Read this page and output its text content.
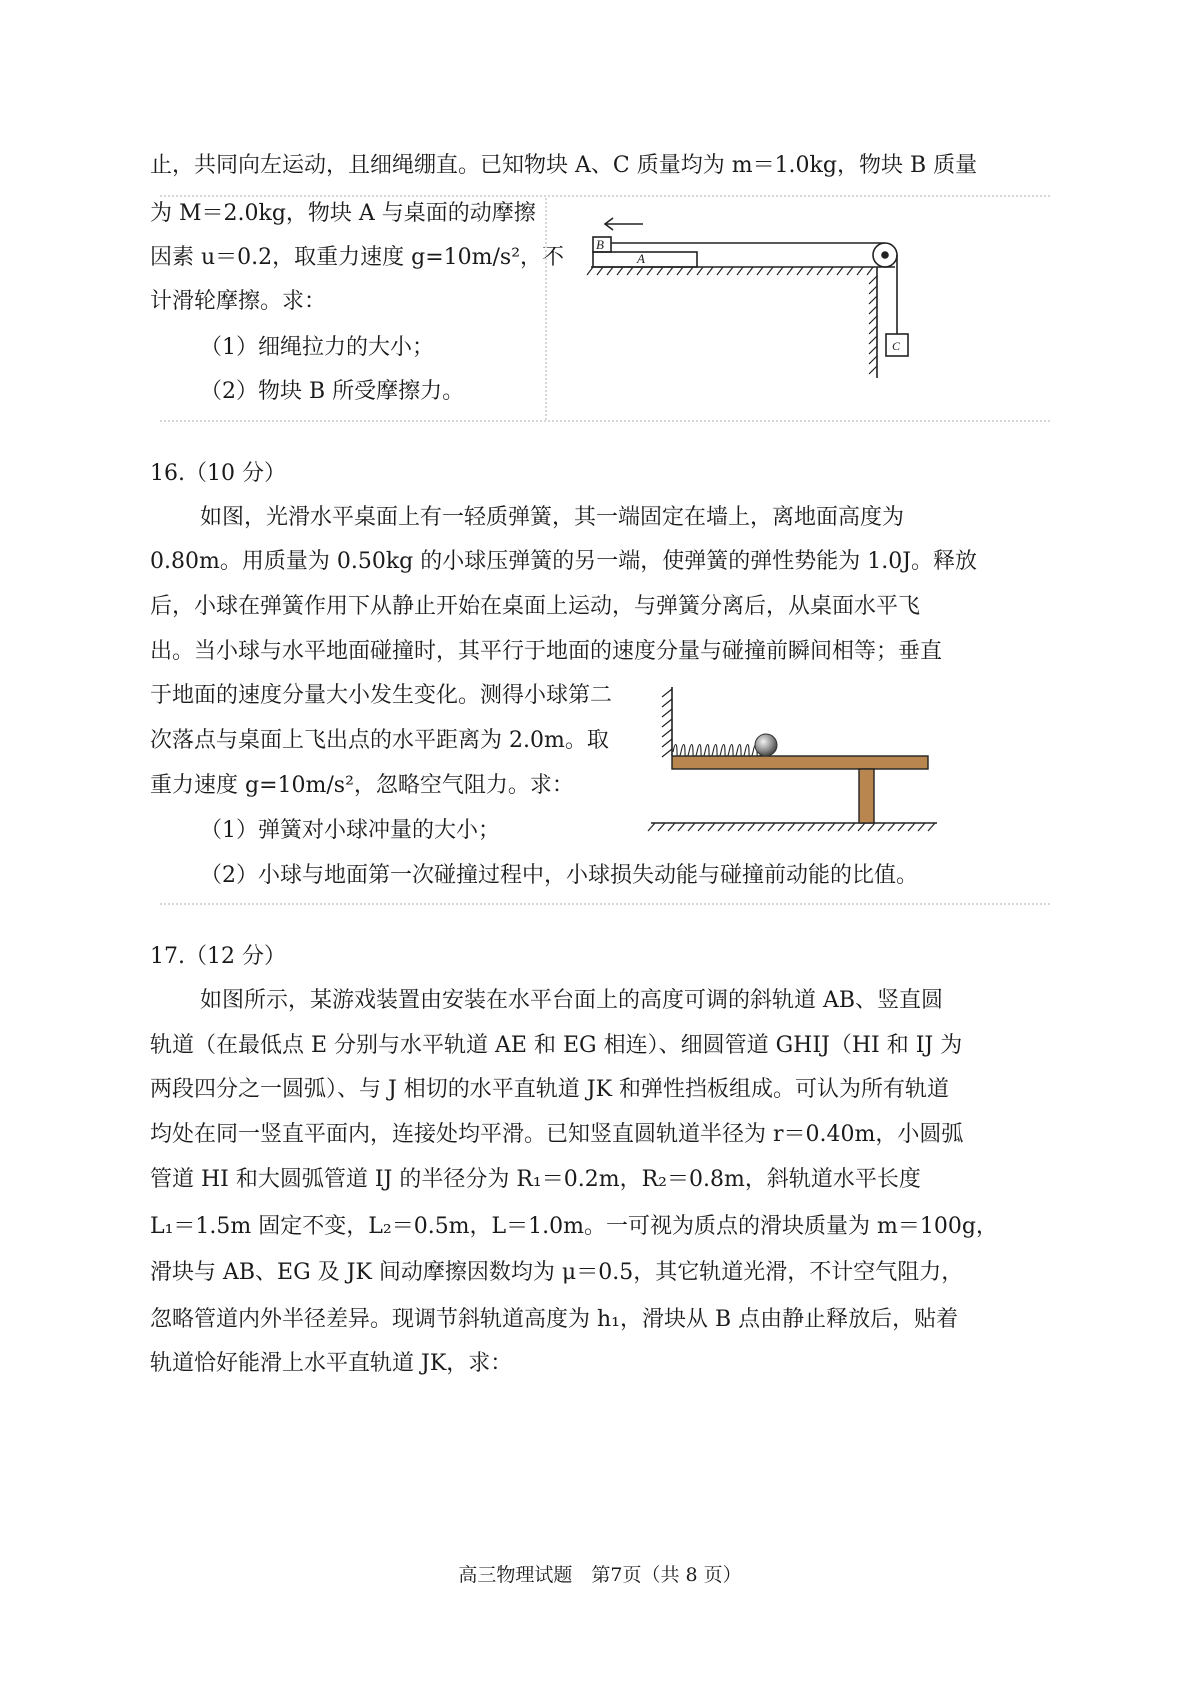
止，共同向左运动，且细绳绷直。已知物块 A、C 质量均为 m＝1.0kg，物块 B 质量
为 M＝2.0kg，物块 A 与桌面的动摩擦
因素 u＝0.2，取重力速度 g=10m/s²，不
计滑轮摩擦。求：
（1）细绳拉力的大小；
（2）物块 B 所受摩擦力。
B
A
C
16.（10 分）
如图，光滑水平桌面上有一轻质弹簧，其一端固定在墙上，离地面高度为
0.80m。用质量为 0.50kg 的小球压弹簧的另一端，使弹簧的弹性势能为 1.0J。释放
后，小球在弹簧作用下从静止开始在桌面上运动，与弹簧分离后，从桌面水平飞
出。当小球与水平地面碰撞时，其平行于地面的速度分量与碰撞前瞬间相等；垂直
于地面的速度分量大小发生变化。测得小球第二
次落点与桌面上飞出点的水平距离为 2.0m。取
重力速度 g=10m/s²，忽略空气阻力。求：
（1）弹簧对小球冲量的大小；
（2）小球与地面第一次碰撞过程中，小球损失动能与碰撞前动能的比值。
17.（12 分）
如图所示，某游戏装置由安装在水平台面上的高度可调的斜轨道 AB、竖直圆
轨道（在最低点 E 分别与水平轨道 AE 和 EG 相连）、细圆管道 GHIJ（HI 和 IJ 为
两段四分之一圆弧）、与 J 相切的水平直轨道 JK 和弹性挡板组成。可认为所有轨道
均处在同一竖直平面内，连接处均平滑。已知竖直圆轨道半径为 r＝0.40m，小圆弧
管道 HI 和大圆弧管道 IJ 的半径分为 R₁＝0.2m，R₂＝0.8m，斜轨道水平长度
L₁＝1.5m 固定不变，L₂＝0.5m，L＝1.0m。一可视为质点的滑块质量为 m＝100g，
滑块与 AB、EG 及 JK 间动摩擦因数均为 μ＝0.5，其它轨道光滑，不计空气阻力，
忽略管道内外半径差异。现调节斜轨道高度为 h₁，滑块从 B 点由静止释放后，贴着
轨道恰好能滑上水平直轨道 JK，求：
高三物理试题　第7页（共 8 页）
